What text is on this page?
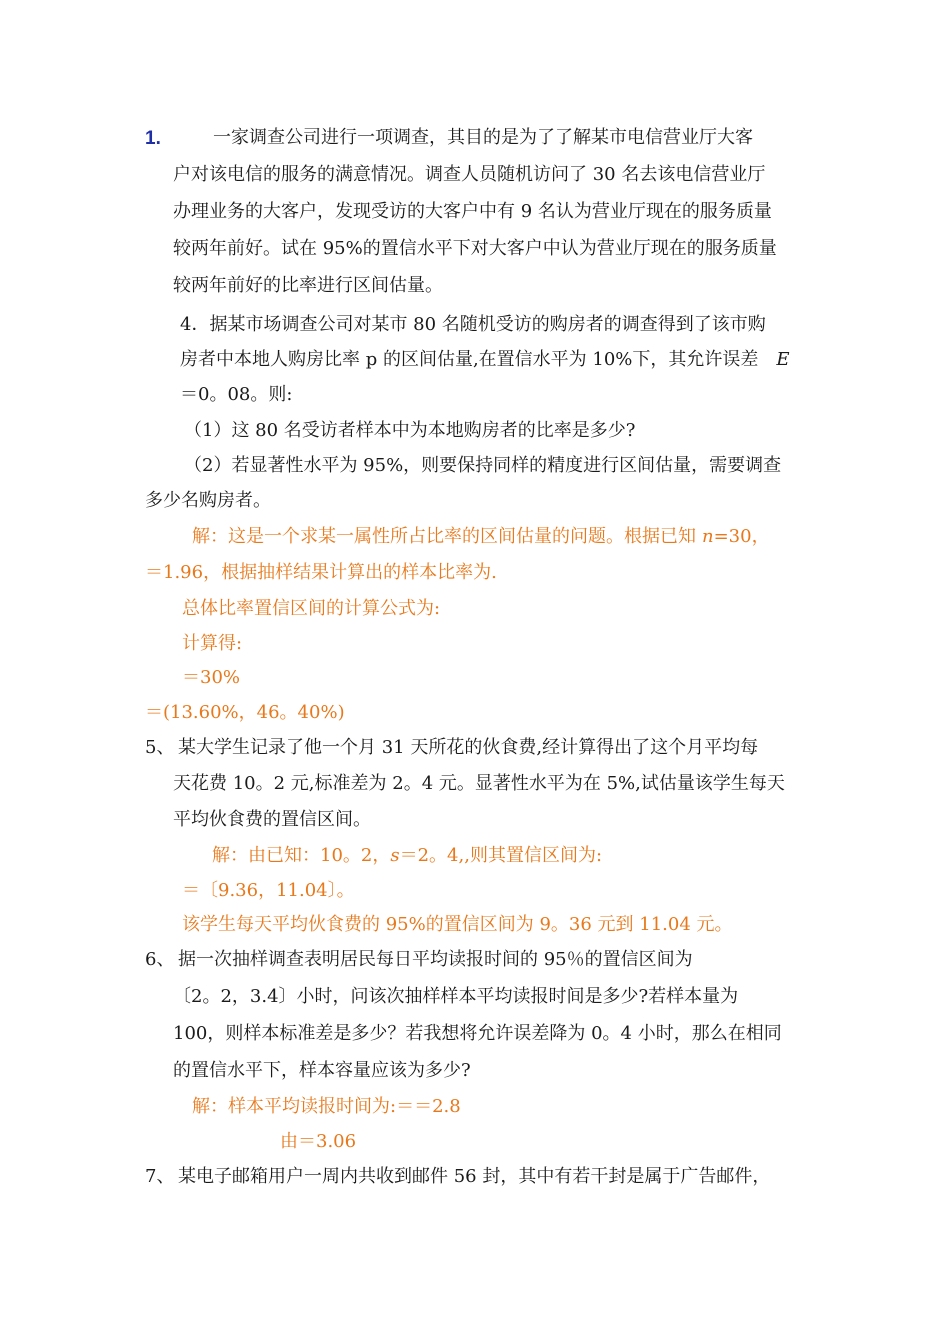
1.	一家调查公司进行一项调查，其目的是为了了解某市电信营业厅大客
户对该电信的服务的满意情况。调查人员随机访问了 30 名去该电信营业厅
办理业务的大客户，发现受访的大客户中有 9 名认为营业厅现在的服务质量
较两年前好。试在 95%的置信水平下对大客户中认为营业厅现在的服务质量
较两年前好的比率进行区间估量。
4．据某市场调查公司对某市 80 名随机受访的购房者的调查得到了该市购
房者中本地人购房比率 p 的区间估量,在置信水平为 10%下，其允许误差 E
＝0。08。则:
（1）这 80 名受访者样本中为本地购房者的比率是多少?
（2）若显著性水平为 95%，则要保持同样的精度进行区间估量，需要调查
多少名购房者。
解：这是一个求某一属性所占比率的区间估量的问题。根据已知 n=30，
＝1.96，根据抽样结果计算出的样本比率为.
总体比率置信区间的计算公式为:
计算得:
＝30%
＝(13.60%，46。40%)
5、 某大学生记录了他一个月 31 天所花的伙食费,经计算得出了这个月平均每
天花费 10。2 元,标准差为 2。4 元。显著性水平为在 5%,试估量该学生每天
平均伙食费的置信区间。
解：由已知：10。2，s＝2。4,,则其置信区间为:
＝〔9.36，11.04〕。
该学生每天平均伙食费的 95%的置信区间为 9。36 元到 11.04 元。
6、 据一次抽样调查表明居民每日平均读报时间的 95％的置信区间为
〔2。2，3.4〕小时，问该次抽样样本平均读报时间是多少?若样本量为
100，则样本标准差是多少？若我想将允许误差降为 0。4 小时，那么在相同
的置信水平下，样本容量应该为多少?
解：样本平均读报时间为:＝＝2.8
由＝3.06
7、 某电子邮箱用户一周内共收到邮件 56 封，其中有若干封是属于广告邮件，
